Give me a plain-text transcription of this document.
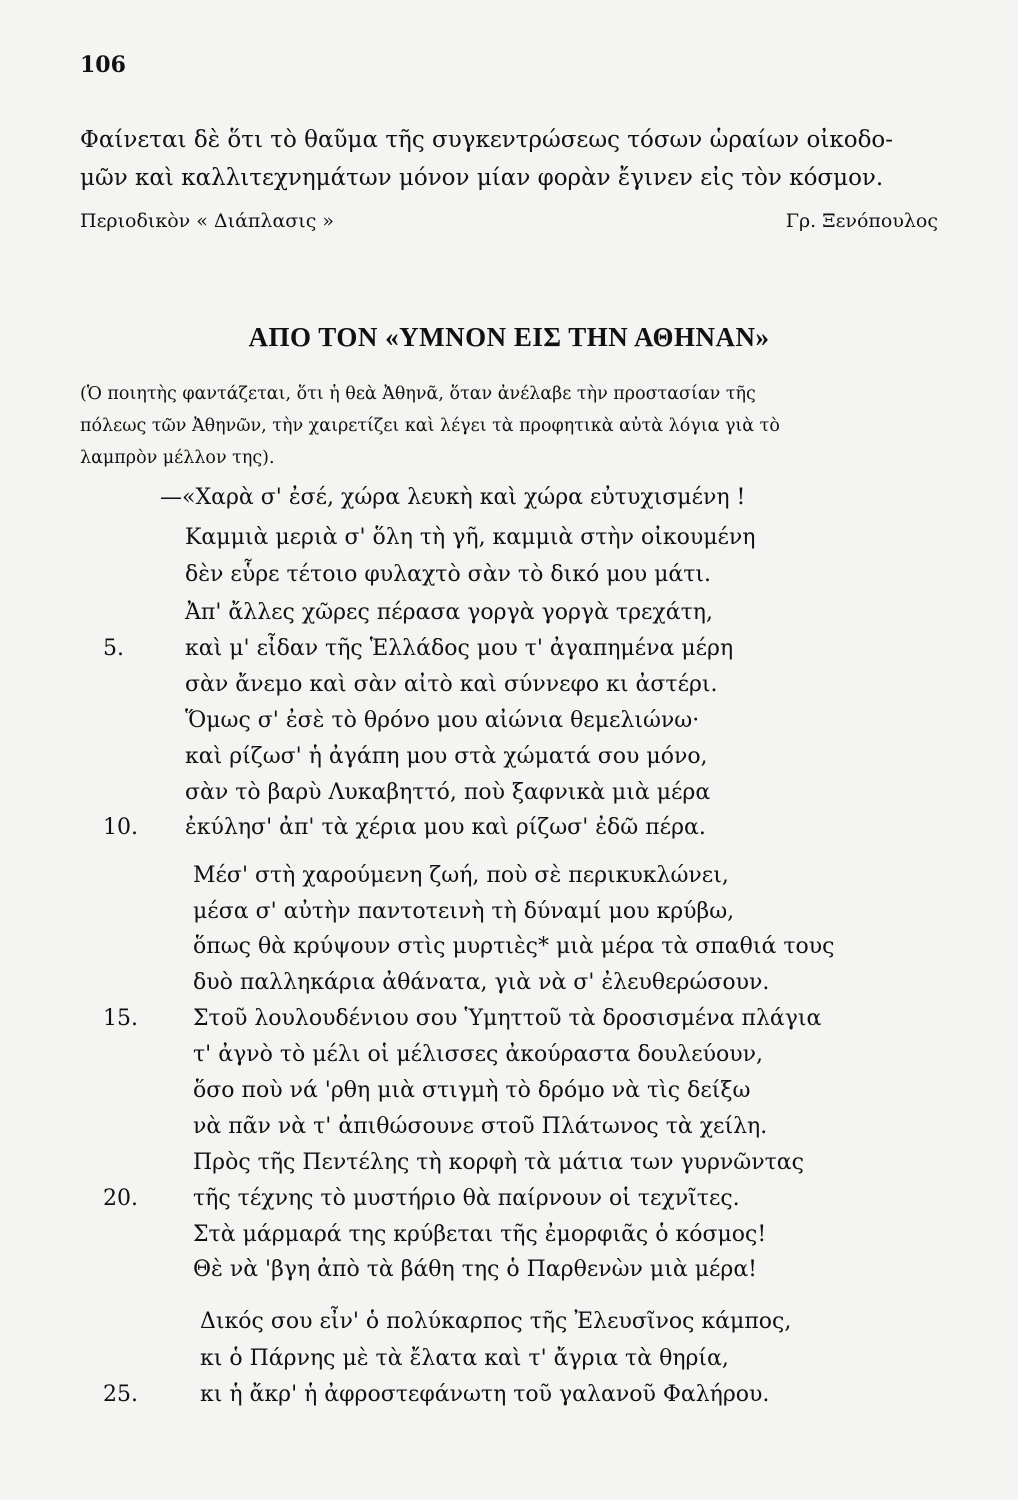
106
Φαίνεται δὲ ὅτι τὸ θαῦμα τῆς συγκεντρώσεως τόσων ὡραίων οἰκοδο-
μῶν καὶ καλλιτεχνημάτων μόνον μίαν φορὰν ἔγινεν εἰς τὸν κόσμον.
Περιοδικὸν « Διάπλασις »	Γρ. Ξενόπουλος
ΑΠΟ ΤΟΝ «ΥΜΝΟΝ ΕΙΣ ΤΗΝ ΑΘΗΝΑΝ»
(Ὁ ποιητὴς φαντάζεται, ὅτι ἡ θεὰ Ἀθηνᾶ, ὅταν ἀνέλαβε τὴν προστασίαν τῆς
πόλεως τῶν Ἀθηνῶν, τὴν χαιρετίζει καὶ λέγει τὰ προφητικὰ αὐτὰ λόγια γιὰ τὸ
λαμπρὸν μέλλον της).
—«Χαρὰ σ' ἐσέ, χώρα λευκὴ καὶ χώρα εὐτυχισμένη !
Καμμιὰ μεριὰ σ' ὅλη τὴ γῆ, καμμιὰ στὴν οἰκουμένη
δὲν εὗρε τέτοιο φυλαχτὸ σὰν τὸ δικό μου μάτι.
Ἀπ' ἄλλες χῶρες πέρασα γοργὰ γοργὰ τρεχάτη,
καὶ μ' εἶδαν τῆς Ἑλλάδος μου τ' ἀγαπημένα μέρη
σὰν ἄνεμο καὶ σὰν αἰτὸ καὶ σύννεφο κι ἀστέρι.
Ὅμως σ' ἐσὲ τὸ θρόνο μου αἰώνια θεμελιώνω·
καὶ ρίζωσ' ἡ ἀγάπη μου στὰ χώματά σου μόνο,
σὰν τὸ βαρὺ Λυκαβηττό, ποὺ ξαφνικὰ μιὰ μέρα
ἐκύλησ' ἀπ' τὰ χέρια μου καὶ ρίζωσ' ἐδῶ πέρα.
Μέσ' στὴ χαρούμενη ζωή, ποὺ σὲ περικυκλώνει,
μέσα σ' αὐτὴν παντοτεινὴ τὴ δύναμί μου κρύβω,
ὅπως θὰ κρύψουν στὶς μυρτιὲς* μιὰ μέρα τὰ σπαθιά τους
δυὸ παλληκάρια ἀθάνατα, γιὰ νὰ σ' ἐλευθερώσουν.
Στοῦ λουλουδένιου σου Ὑμηττοῦ τὰ δροσισμένα πλάγια
τ' ἀγνὸ τὸ μέλι οἱ μέλισσες ἀκούραστα δουλεύουν,
ὅσο ποὺ νά 'ρθη μιὰ στιγμὴ τὸ δρόμο νὰ τὶς δείξω
νὰ πᾶν νὰ τ' ἀπιθώσουνε στοῦ Πλάτωνος τὰ χείλη.
Πρὸς τῆς Πεντέλης τὴ κορφὴ τὰ μάτια των γυρνῶντας
τῆς τέχνης τὸ μυστήριο θὰ παίρνουν οἱ τεχνῖτες.
Στὰ μάρμαρά της κρύβεται τῆς ἐμορφιᾶς ὁ κόσμος!
Θὲ νὰ 'βγη ἀπὸ τὰ βάθη της ὁ Παρθενὼν μιὰ μέρα!
Δικός σου εἶν' ὁ πολύκαρπος τῆς Ἐλευσῖνος κάμπος,
κι ὁ Πάρνης μὲ τὰ ἔλατα καὶ τ' ἄγρια τὰ θηρία,
κι ἡ ἄκρ' ἡ ἀφροστεφάνωτη τοῦ γαλανοῦ Φαλήρου.
5.
10.
15.
20.
25.
